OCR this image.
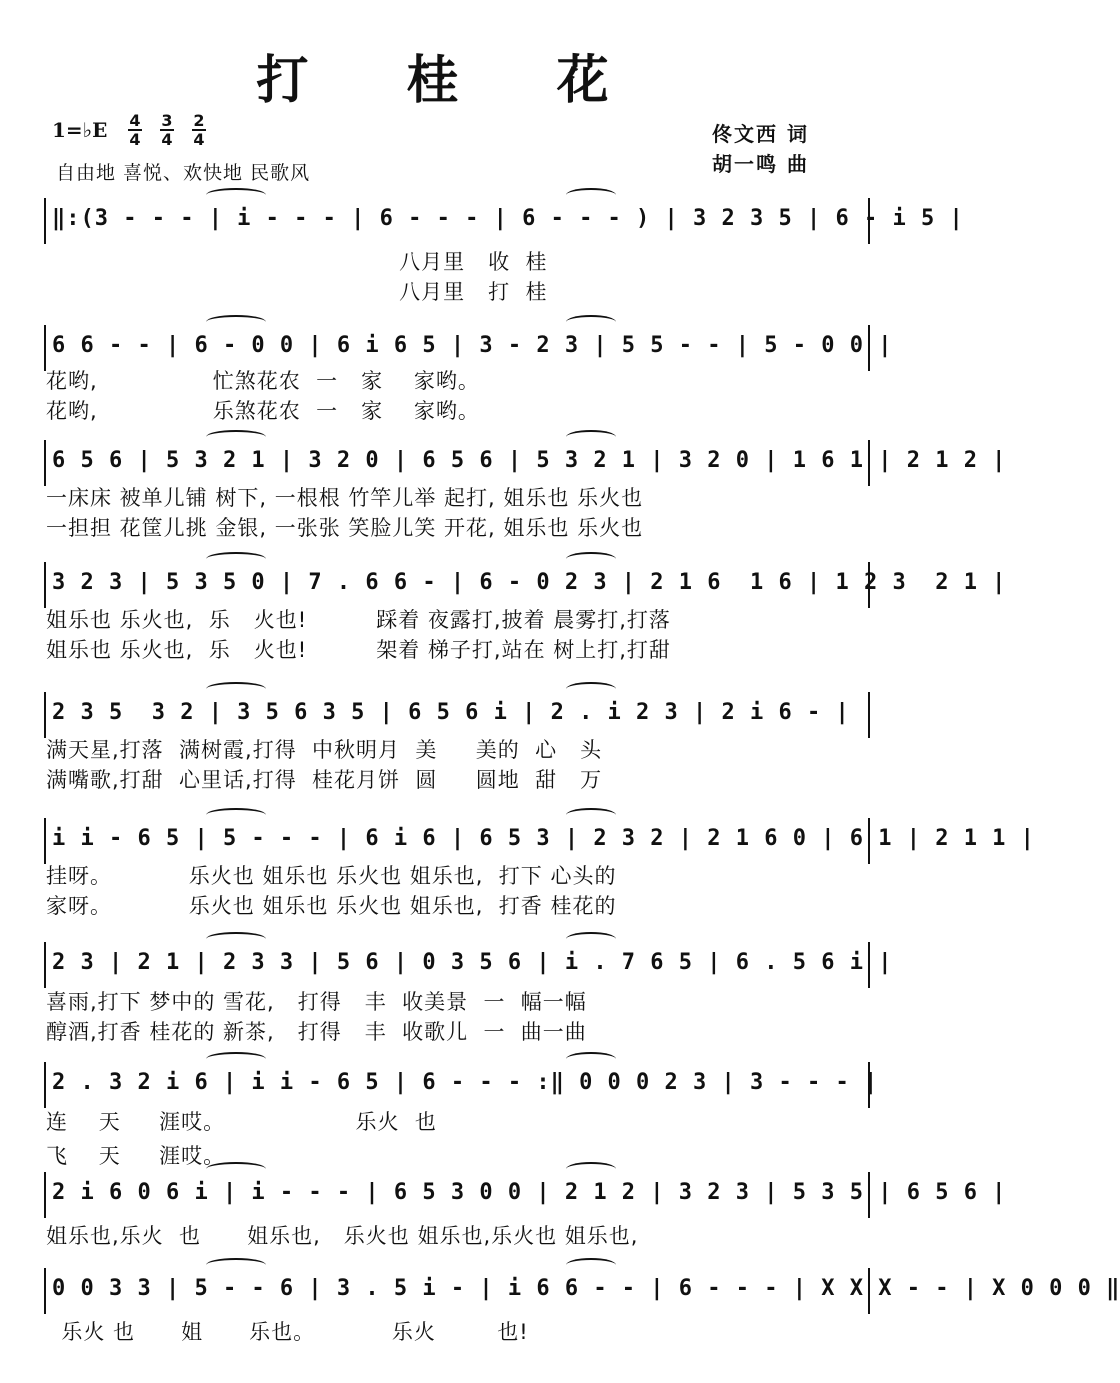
打 桂 花
1=♭E $\frac{4}{4} \frac{3}{4} \frac{2}{4}$
自由地 喜悦、欢快地 民歌风
佟文西 词
胡一鸣 曲
‖:(3 - - - | i - - - | 6 - - - | 6 - - - ) | 3 2 3 5 | 6 - i 5 |
八月里   收  桂
八月里   打  桂
6 6 - - | 6 - 0 0 | 6 i 6 5 | 3 - 2 3 | 5 5 - - | 5 - 0 0 |
花哟,               忙煞花农  一   家    家哟。
花哟,               乐煞花农  一   家    家哟。
6 5 6 | 5 3 2 1 | 3 2 0 | 6 5 6 | 5 3 2 1 | 3 2 0 | 1 6 1 | 2 1 2 |
一床床 被单儿铺 树下, 一根根 竹竿儿举 起打, 姐乐也 乐火也
一担担 花筐儿挑 金银, 一张张 笑脸儿笑 开花, 姐乐也 乐火也
3 2 3 | 5 3 5 0 | 7 . 6 6 - | 6 - 0 2 3 | 2 1 6  1 6 | 1 2 3  2 1 |
姐乐也 乐火也,  乐   火也!         踩着 夜露打,披着 晨雾打,打落
姐乐也 乐火也,  乐   火也!         架着 梯子打,站在 树上打,打甜
2 3 5  3 2 | 3 5 6 3 5 | 6 5 6 i | 2 . i 2 3 | 2 i 6 - |
满天星,打落  满树霞,打得  中秋明月  美     美的  心   头
满嘴歌,打甜  心里话,打得  桂花月饼  圆     圆地  甜   万
i i - 6 5 | 5 - - - | 6 i 6 | 6 5 3 | 2 3 2 | 2 1 6 0 | 6 1 | 2 1 1 |
挂呀。          乐火也 姐乐也 乐火也 姐乐也,  打下 心头的
家呀。          乐火也 姐乐也 乐火也 姐乐也,  打香 桂花的
2 3 | 2 1 | 2 3 3 | 5 6 | 0 3 5 6 | i . 7 6 5 | 6 . 5 6 i |
喜雨,打下 梦中的 雪花,   打得   丰  收美景  一  幅一幅
醇酒,打香 桂花的 新茶,   打得   丰  收歌儿  一  曲一曲
2 . 3 2 i 6 | i i - 6 5 | 6 - - - :‖ 0 0 0 2 3 | 3 - - - |
连    天     涯哎。                 乐火  也
飞    天     涯哎。
2 i 6 0 6 i | i - - - | 6 5 3 0 0 | 2 1 2 | 3 2 3 | 5 3 5 | 6 5 6 |
姐乐也,乐火  也      姐乐也,   乐火也 姐乐也,乐火也 姐乐也,
0 0 3 3 | 5 - - 6 | 3 . 5 i - | i 6 6 - - | 6 - - - | X X X - - | X 0 0 0 ‖
乐火 也      姐      乐也。          乐火        也!
